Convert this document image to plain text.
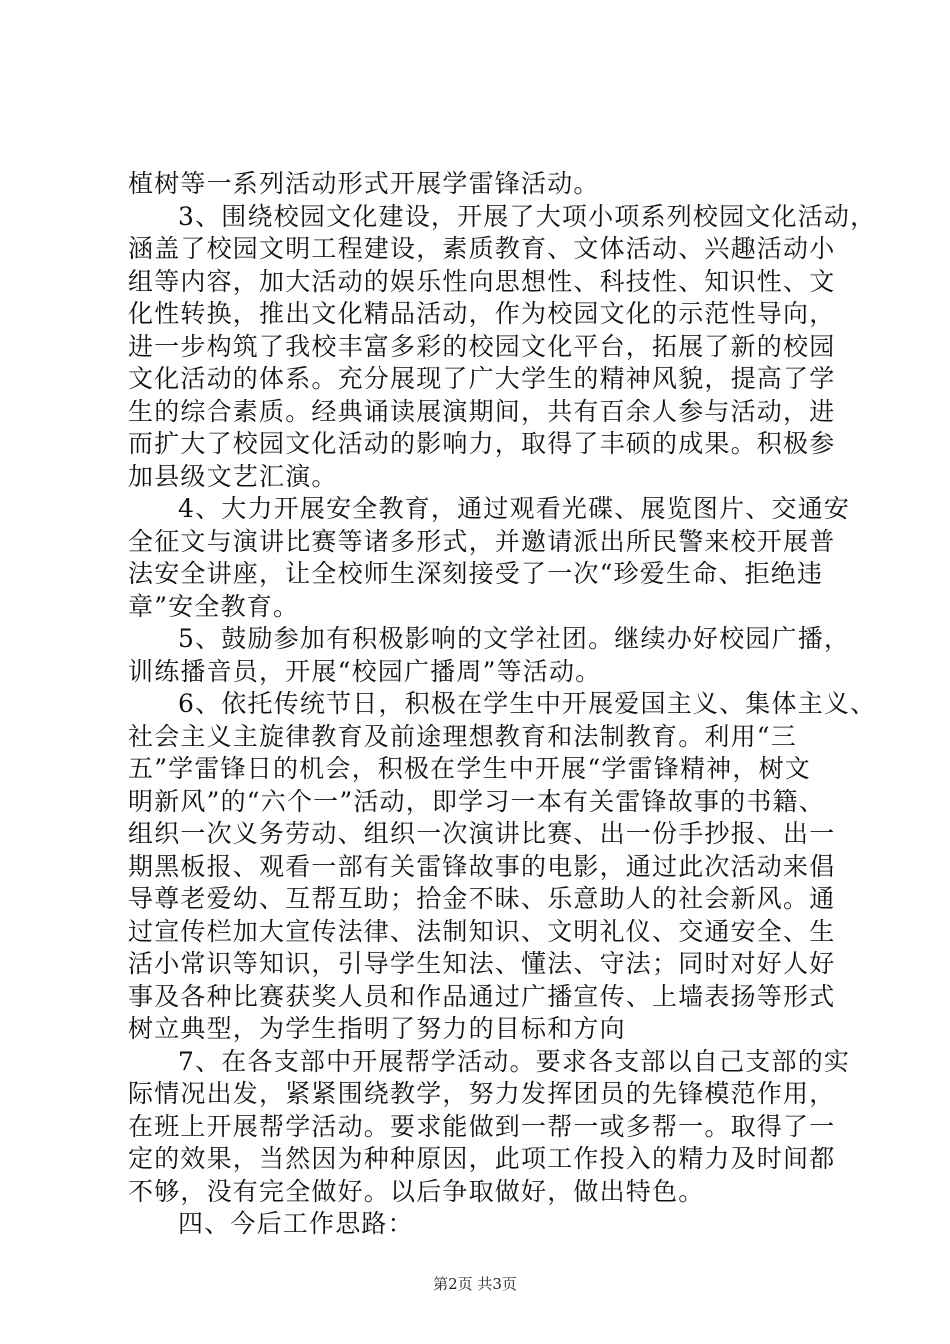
植树等一系列活动形式开展学雷锋活动。
3、围绕校园文化建设，开展了大项小项系列校园文化活动，
涵盖了校园文明工程建设，素质教育、文体活动、兴趣活动小
组等内容，加大活动的娱乐性向思想性、科技性、知识性、文
化性转换，推出文化精品活动，作为校园文化的示范性导向，
进一步构筑了我校丰富多彩的校园文化平台，拓展了新的校园
文化活动的体系。充分展现了广大学生的精神风貌，提高了学
生的综合素质。经典诵读展演期间，共有百余人参与活动，进
而扩大了校园文化活动的影响力，取得了丰硕的成果。积极参
加县级文艺汇演。
4、大力开展安全教育，通过观看光碟、展览图片、交通安
全征文与演讲比赛等诸多形式，并邀请派出所民警来校开展普
法安全讲座，让全校师生深刻接受了一次“珍爱生命、拒绝违
章”安全教育。
5、鼓励参加有积极影响的文学社团。继续办好校园广播，
训练播音员，开展“校园广播周”等活动。
6、依托传统节日，积极在学生中开展爱国主义、集体主义、
社会主义主旋律教育及前途理想教育和法制教育。利用“三
五”学雷锋日的机会，积极在学生中开展“学雷锋精神，树文
明新风”的“六个一”活动，即学习一本有关雷锋故事的书籍、
组织一次义务劳动、组织一次演讲比赛、出一份手抄报、出一
期黑板报、观看一部有关雷锋故事的电影，通过此次活动来倡
导尊老爱幼、互帮互助；拾金不昧、乐意助人的社会新风。通
过宣传栏加大宣传法律、法制知识、文明礼仪、交通安全、生
活小常识等知识，引导学生知法、懂法、守法；同时对好人好
事及各种比赛获奖人员和作品通过广播宣传、上墙表扬等形式
树立典型，为学生指明了努力的目标和方向
7、在各支部中开展帮学活动。要求各支部以自己支部的实
际情况出发，紧紧围绕教学，努力发挥团员的先锋模范作用，
在班上开展帮学活动。要求能做到一帮一或多帮一。取得了一
定的效果，当然因为种种原因，此项工作投入的精力及时间都
不够，没有完全做好。以后争取做好，做出特色。
四、今后工作思路：
第2页 共3页
